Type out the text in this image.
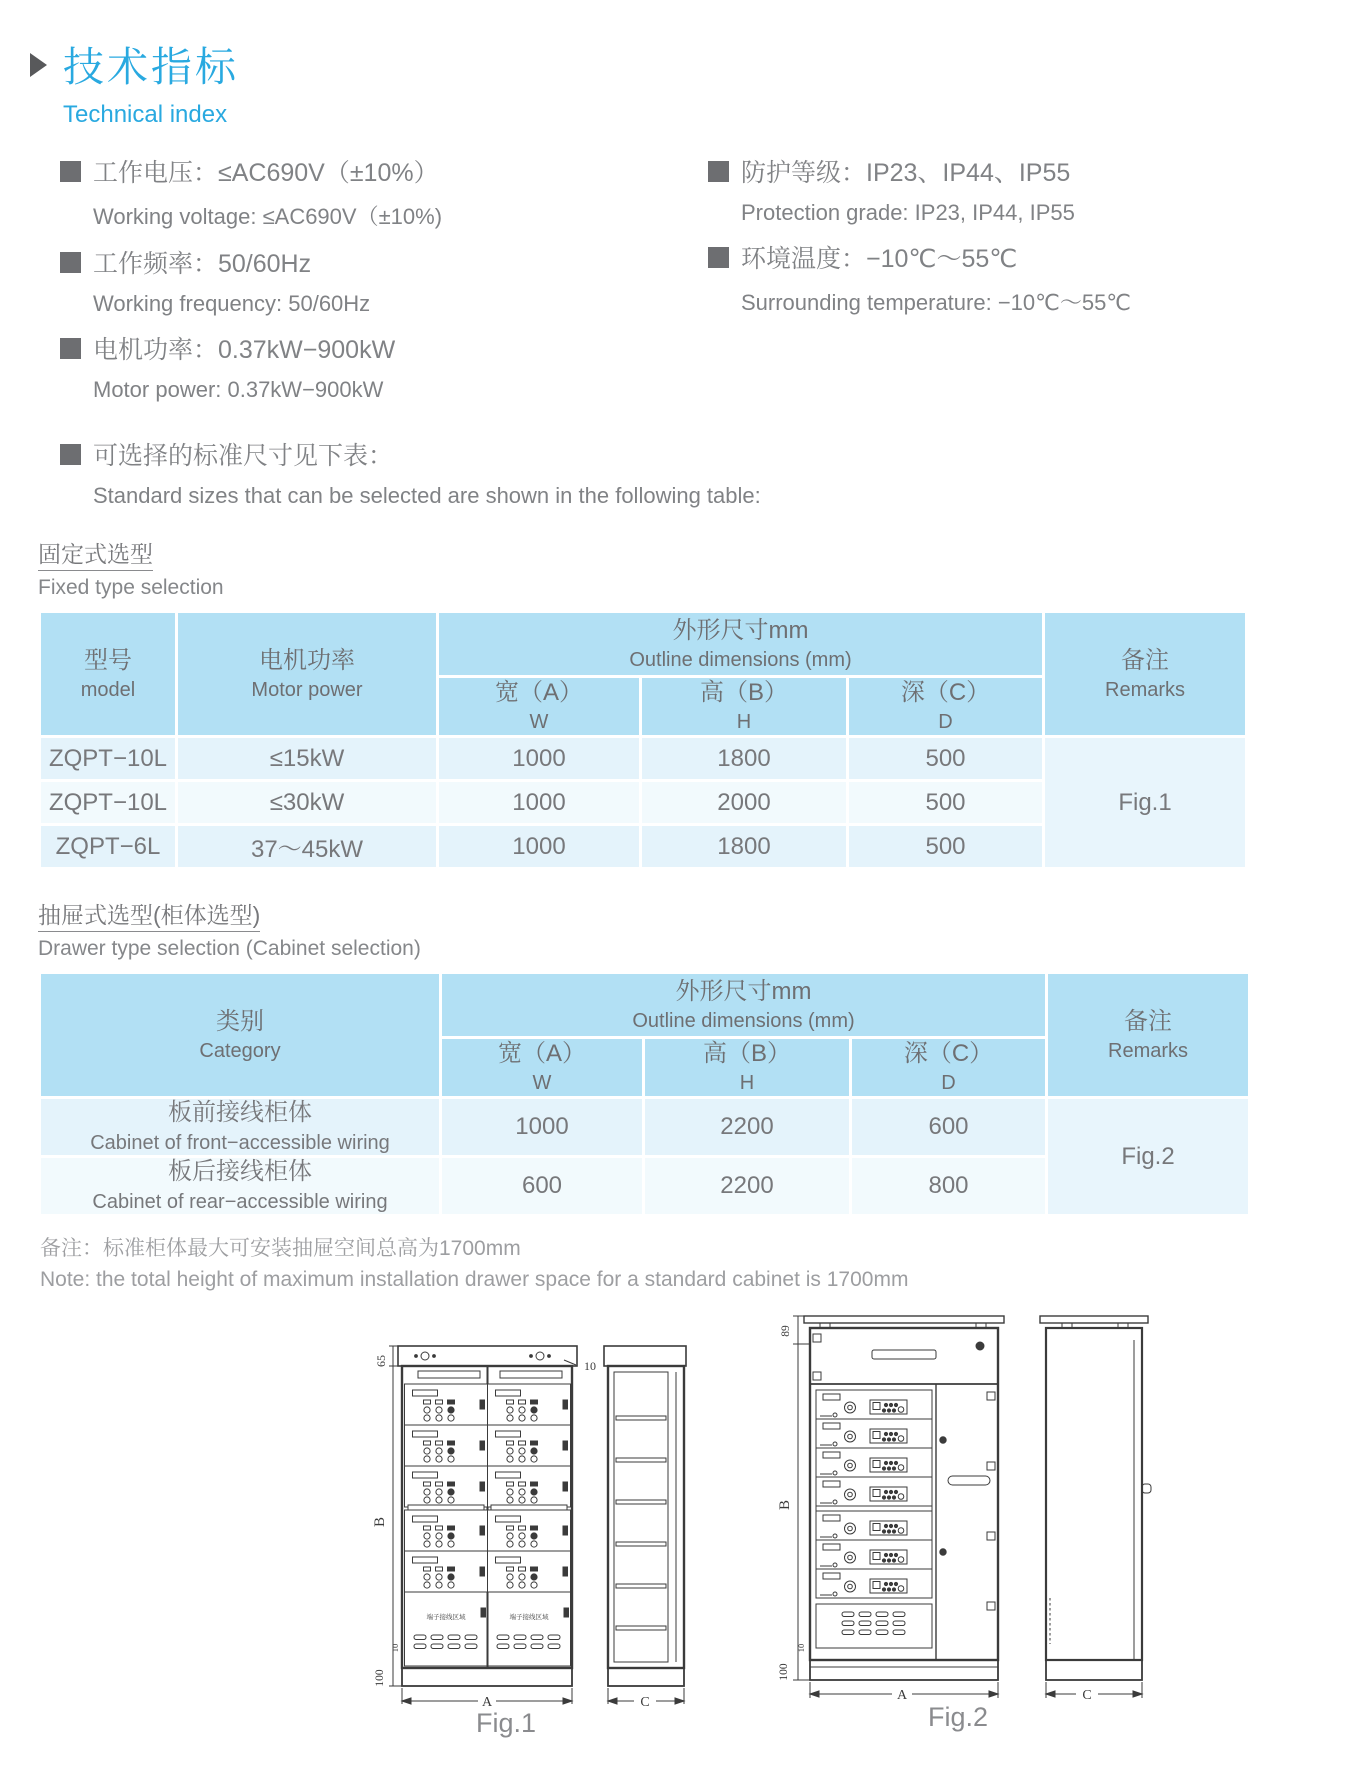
技术指标
Technical index
工作电压：≤AC690V（±10%）
Working voltage: ≤AC690V（±10%)
工作频率：50/60Hz
Working frequency: 50/60Hz
电机功率：0.37kW−900kW
Motor power: 0.37kW−900kW
防护等级：IP23、IP44、IP55
Protection grade: IP23, IP44, IP55
环境温度：−10℃～55℃
Surrounding temperature: −10℃～55℃
可选择的标准尺寸见下表：
Standard sizes that can be selected are shown in the following table:
固定式选型
Fixed type selection
型号
model

电机功率
Motor power

外形尺寸mm
Outline dimensions (mm)	备注
Remarks

宽（A）
W

高（B）
H

深（C）
D

ZQPT−10L	≤15kW	1000	1800	500	Fig.1
ZQPT−10L	≤30kW	1000	2000	500	
ZQPT−6L	37～45kW	1000	1800	500	
抽屉式选型(柜体选型)
Drawer type selection (Cabinet selection)
类别
Category

外形尺寸mm
Outline dimensions (mm)	备注
Remarks

宽（A）
W

高（B）
H

深（C）
D

板前接线柜体
Cabinet of front−accessible wiring	1000	2200	600	Fig.2

板后接线柜体
Cabinet of rear−accessible wiring	600	2200	800	
备注：标准柜体最大可安装抽屉空间总高为1700mm
Note: the total height of maximum installation drawer space for a standard cabinet is 1700mm
65	10
B
10
100
A	C
端子接线区域	端子接线区域
89
B
10
100
A	C
Fig.1	Fig.2
